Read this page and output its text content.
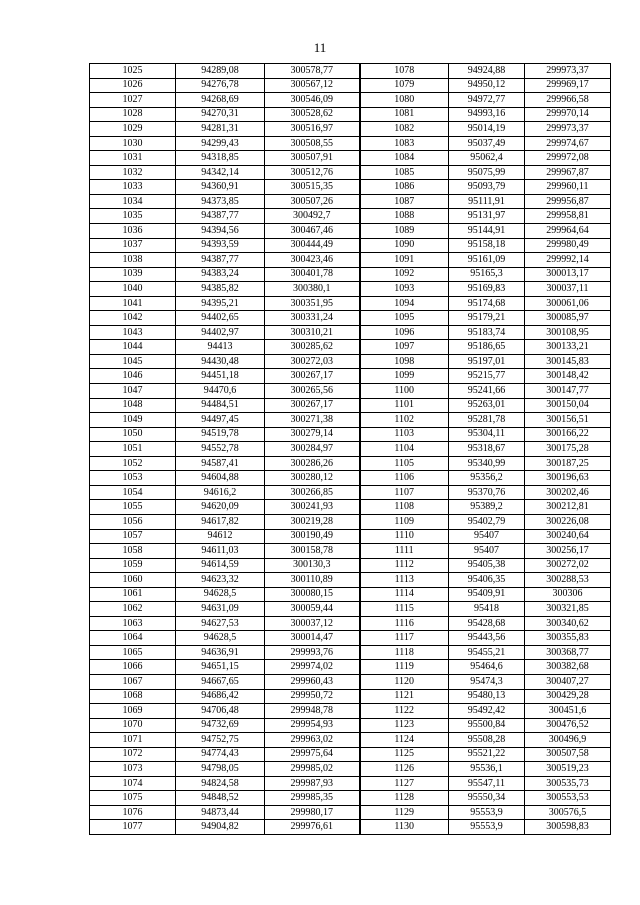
11
1025	94289,08	300578,77	1078	94924,88	299973,37
1026	94276,78	300567,12	1079	94950,12	299969,17
1027	94268,69	300546,09	1080	94972,77	299966,58
1028	94270,31	300528,62	1081	94993,16	299970,14
1029	94281,31	300516,97	1082	95014,19	299973,37
1030	94299,43	300508,55	1083	95037,49	299974,67
1031	94318,85	300507,91	1084	95062,4	299972,08
1032	94342,14	300512,76	1085	95075,99	299967,87
1033	94360,91	300515,35	1086	95093,79	299960,11
1034	94373,85	300507,26	1087	95111,91	299956,87
1035	94387,77	300492,7	1088	95131,97	299958,81
1036	94394,56	300467,46	1089	95144,91	299964,64
1037	94393,59	300444,49	1090	95158,18	299980,49
1038	94387,77	300423,46	1091	95161,09	299992,14
1039	94383,24	300401,78	1092	95165,3	300013,17
1040	94385,82	300380,1	1093	95169,83	300037,11
1041	94395,21	300351,95	1094	95174,68	300061,06
1042	94402,65	300331,24	1095	95179,21	300085,97
1043	94402,97	300310,21	1096	95183,74	300108,95
1044	94413	300285,62	1097	95186,65	300133,21
1045	94430,48	300272,03	1098	95197,01	300145,83
1046	94451,18	300267,17	1099	95215,77	300148,42
1047	94470,6	300265,56	1100	95241,66	300147,77
1048	94484,51	300267,17	1101	95263,01	300150,04
1049	94497,45	300271,38	1102	95281,78	300156,51
1050	94519,78	300279,14	1103	95304,11	300166,22
1051	94552,78	300284,97	1104	95318,67	300175,28
1052	94587,41	300286,26	1105	95340,99	300187,25
1053	94604,88	300280,12	1106	95356,2	300196,63
1054	94616,2	300266,85	1107	95370,76	300202,46
1055	94620,09	300241,93	1108	95389,2	300212,81
1056	94617,82	300219,28	1109	95402,79	300226,08
1057	94612	300190,49	1110	95407	300240,64
1058	94611,03	300158,78	1111	95407	300256,17
1059	94614,59	300130,3	1112	95405,38	300272,02
1060	94623,32	300110,89	1113	95406,35	300288,53
1061	94628,5	300080,15	1114	95409,91	300306
1062	94631,09	300059,44	1115	95418	300321,85
1063	94627,53	300037,12	1116	95428,68	300340,62
1064	94628,5	300014,47	1117	95443,56	300355,83
1065	94636,91	299993,76	1118	95455,21	300368,77
1066	94651,15	299974,02	1119	95464,6	300382,68
1067	94667,65	299960,43	1120	95474,3	300407,27
1068	94686,42	299950,72	1121	95480,13	300429,28
1069	94706,48	299948,78	1122	95492,42	300451,6
1070	94732,69	299954,93	1123	95500,84	300476,52
1071	94752,75	299963,02	1124	95508,28	300496,9
1072	94774,43	299975,64	1125	95521,22	300507,58
1073	94798,05	299985,02	1126	95536,1	300519,23
1074	94824,58	299987,93	1127	95547,11	300535,73
1075	94848,52	299985,35	1128	95550,34	300553,53
1076	94873,44	299980,17	1129	95553,9	300576,5
1077	94904,82	299976,61	1130	95553,9	300598,83
